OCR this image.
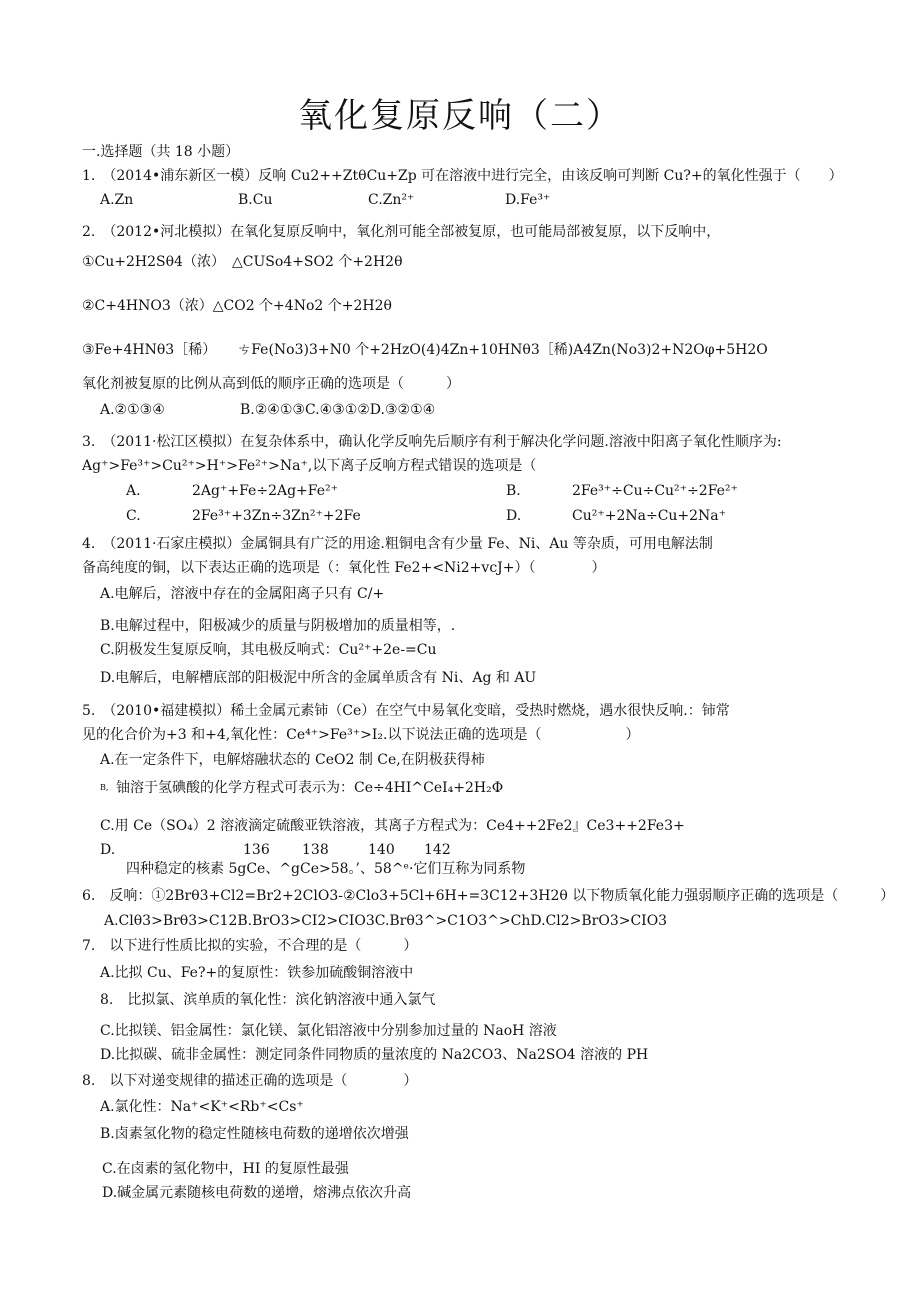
氧化复原反响（二）
一.选择题（共 18 小题）
1.　（2014•浦东新区一模）反响 Cu2++ZtθCu+Zp 可在溶液中进行完全，由该反响可判断 Cu?+的氧化性强于（　　）
A.Zn	B.Cu	C.Zn²⁺	D.Fe³⁺
2.　（2012•河北模拟）在氧化复原反响中，氧化剂可能全部被复原，也可能局部被复原，以下反响中，
①Cu+2H2Sθ4（浓）　△CUSo4+SO2 个+2H2θ
②C+4HNO3（浓）△CO2 个+4No2 个+2H2θ
③Fe+4HNθ3［稀）　　ㄘFe(No3)3+N0 个+2HzO(4)4Zn+10HNθ3［稀)A4Zn(No3)2+N2Oφ+5H2O
氧化剂被复原的比例从高到低的顺序正确的选项是（　　　）
A.②①③④	B.②④①③C.④③①②D.③②①④
3.　（2011·松江区模拟）在复杂体系中，确认化学反响先后顺序有利于解决化学问题.溶液中阳离子氧化性顺序为:
Ag⁺>Fe³⁺>Cu²⁺>H⁺>Fe²⁺>Na⁺,以下离子反响方程式错误的选项是（
A.	2Ag⁺+Fe÷2Ag+Fe²⁺	B.	2Fe³⁺÷Cu÷Cu²⁺÷2Fe²⁺
C.	2Fe³⁺+3Zn÷3Zn²⁺+2Fe	D.	Cu²⁺+2Na÷Cu+2Na⁺
4.　（2011·石家庄模拟）金属铜具有广泛的用途.粗铜电含有少量 Fe、Ni、Au 等杂质，可用电解法制
备高纯度的铜，以下表达正确的选项是（：氧化性 Fe2+<Ni2+vcJ+）（　　　　）
A.电解后，溶液中存在的金属阳离子只有 C/+
B.电解过程中，阳极减少的质量与阴极增加的质量相等，.
C.阴极发生复原反响，其电极反响式：Cu²⁺+2e-=Cu
D.电解后，电解槽底部的阳极泥中所含的金属单质含有 Ni、Ag 和 AU
5.　（2010•福建模拟）稀土金属元素铈（Ce）在空气中易氧化变暗，受热时燃烧，遇水很快反响.：铈常
见的化合价为+3 和+4,氧化性：Ce⁴⁺>Fe³⁺>I₂.以下说法正确的选项是（　　　　　　）
A.在一定条件下，电解熔融状态的 CeO2 制 Ce,在阴极获得柿
B, 铀溶于氢碘酸的化学方程式可表示为：Ce÷4HI^CeI₄+2H₂Φ
C.用 Ce（SO₄）2 溶液滴定硫酸亚铁溶液，其离子方程式为：Ce4++2Fe2』Ce3++2Fe3+
D.	136 138	140 142
四种稳定的核素 5gCe、^gCe>58。’、58^ᵉ·它们互称为同系物
6.　反响：①2Brθ3+Cl2=Br2+2ClO3-②Clo3+5Cl+6H+=3C12+3H2θ 以下物质氧化能力强弱顺序正确的选项是（　　　）
A.Clθ3>Brθ3>C12B.BrO3>CI2>CIO3C.Brθ3^>C1O3^>ChD.Cl2>BrO3>CIO3
7.　以下进行性质比拟的实验，不合理的是（　　　）
A.比拟 Cu、Fe?+的复原性：铁参加硫酸铜溶液中
8.　比拟氯、滨单质的氧化性：滨化钠溶液中通入氯气
C.比拟镁、铝金属性：氯化镁、氯化铝溶液中分别参加过量的 NaoH 溶液
D.比拟碳、硫非金属性：测定同条件同物质的量浓度的 Na2CO3、Na2SO4 溶液的 PH
8.　以下对递变规律的描述正确的选项是（　　　　）
A.氯化性：Na⁺<K⁺<Rb⁺<Cs⁺
B.卤素氢化物的稳定性随核电荷数的递增依次增强
C.在卤素的氢化物中，HI 的复原性最强
D.碱金属元素随核电荷数的递增，熔沸点依次升高
